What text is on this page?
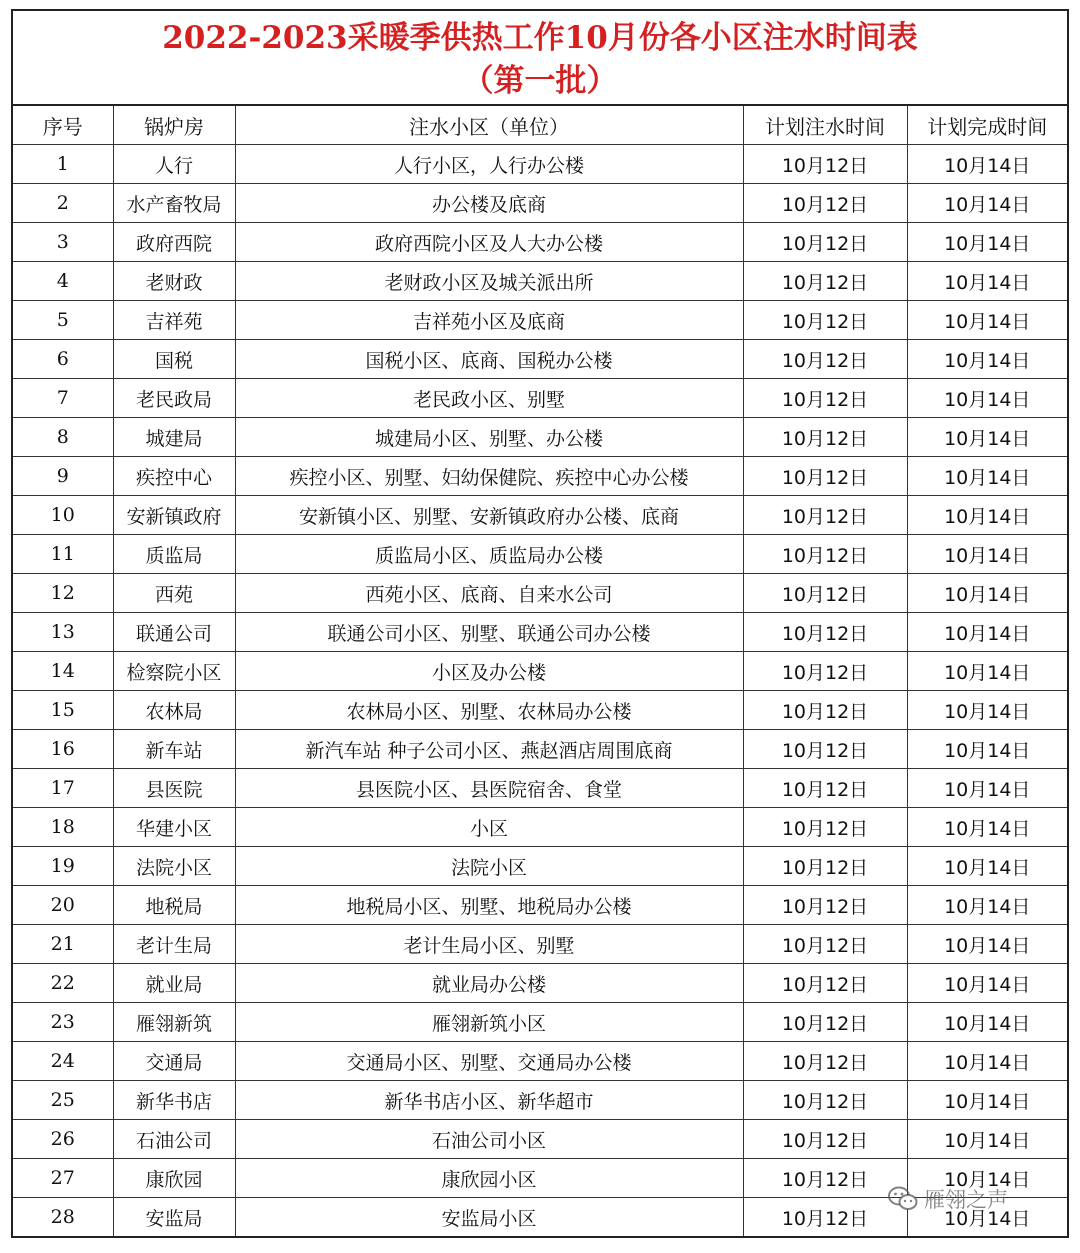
2022-2023采暖季供热工作10月份各小区注水时间表
（第一批）
序号	锅炉房	注水小区（单位）	计划注水时间	计划完成时间
1	人行	人行小区，人行办公楼	10月12日	10月14日
2	水产畜牧局	办公楼及底商	10月12日	10月14日
3	政府西院	政府西院小区及人大办公楼	10月12日	10月14日
4	老财政	老财政小区及城关派出所	10月12日	10月14日
5	吉祥苑	吉祥苑小区及底商	10月12日	10月14日
6	国税	国税小区、底商、国税办公楼	10月12日	10月14日
7	老民政局	老民政小区、别墅	10月12日	10月14日
8	城建局	城建局小区、别墅、办公楼	10月12日	10月14日
9	疾控中心	疾控小区、别墅、妇幼保健院、疾控中心办公楼	10月12日	10月14日
10	安新镇政府	安新镇小区、别墅、安新镇政府办公楼、底商	10月12日	10月14日
11	质监局	质监局小区、质监局办公楼	10月12日	10月14日
12	西苑	西苑小区、底商、自来水公司	10月12日	10月14日
13	联通公司	联通公司小区、别墅、联通公司办公楼	10月12日	10月14日
14	检察院小区	小区及办公楼	10月12日	10月14日
15	农林局	农林局小区、别墅、农林局办公楼	10月12日	10月14日
16	新车站	新汽车站 种子公司小区、燕赵酒店周围底商	10月12日	10月14日
17	县医院	县医院小区、县医院宿舍、食堂	10月12日	10月14日
18	华建小区	小区	10月12日	10月14日
19	法院小区	法院小区	10月12日	10月14日
20	地税局	地税局小区、别墅、地税局办公楼	10月12日	10月14日
21	老计生局	老计生局小区、别墅	10月12日	10月14日
22	就业局	就业局办公楼	10月12日	10月14日
23	雁翎新筑	雁翎新筑小区	10月12日	10月14日
24	交通局	交通局小区、别墅、交通局办公楼	10月12日	10月14日
25	新华书店	新华书店小区、新华超市	10月12日	10月14日
26	石油公司	石油公司小区	10月12日	10月14日
27	康欣园	康欣园小区	10月12日	10月14日
28	安监局	安监局小区	10月12日	10月14日
雁翎之声
